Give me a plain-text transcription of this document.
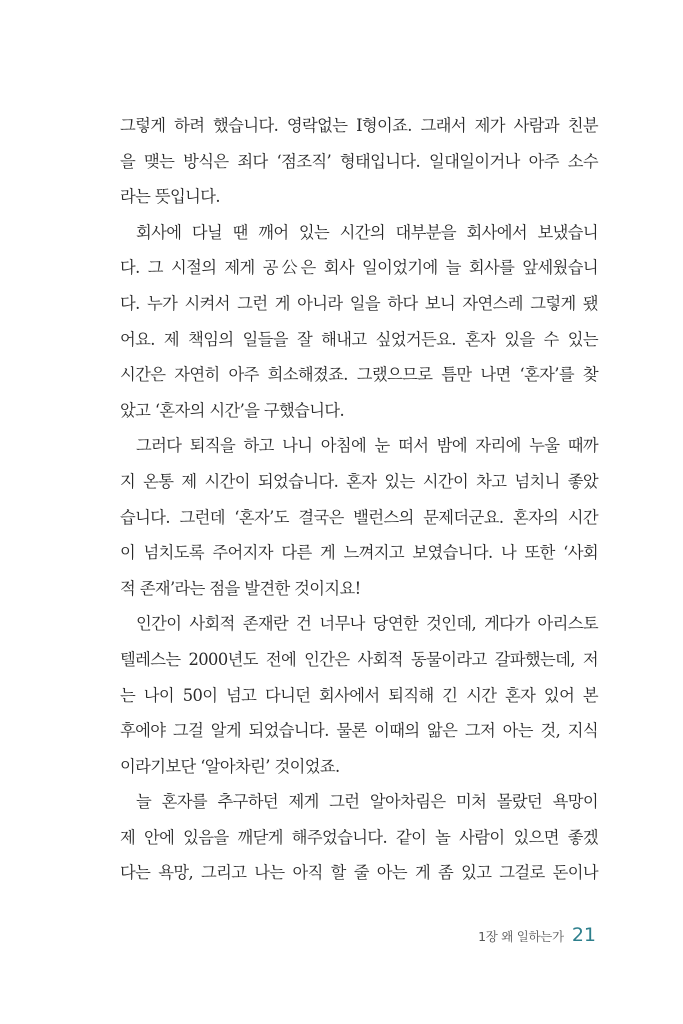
그렇게 하려 했습니다. 영락없는 I형이죠. 그래서 제가 사람과 친분
을 맺는 방식은 죄다 ‘점조직’ 형태입니다. 일대일이거나 아주 소수
라는 뜻입니다.
회사에 다닐 땐 깨어 있는 시간의 대부분을 회사에서 보냈습니
다. 그 시절의 제게 공公은 회사 일이었기에 늘 회사를 앞세웠습니
다. 누가 시켜서 그런 게 아니라 일을 하다 보니 자연스레 그렇게 됐
어요. 제 책임의 일들을 잘 해내고 싶었거든요. 혼자 있을 수 있는
시간은 자연히 아주 희소해졌죠. 그랬으므로 틈만 나면 ‘혼자’를 찾
았고 ‘혼자의 시간’을 구했습니다.
그러다 퇴직을 하고 나니 아침에 눈 떠서 밤에 자리에 누울 때까
지 온통 제 시간이 되었습니다. 혼자 있는 시간이 차고 넘치니 좋았
습니다. 그런데 ‘혼자’도 결국은 밸런스의 문제더군요. 혼자의 시간
이 넘치도록 주어지자 다른 게 느껴지고 보였습니다. 나 또한 ‘사회
적 존재’라는 점을 발견한 것이지요!
인간이 사회적 존재란 건 너무나 당연한 것인데, 게다가 아리스토
텔레스는 2000년도 전에 인간은 사회적 동물이라고 갈파했는데, 저
는 나이 50이 넘고 다니던 회사에서 퇴직해 긴 시간 혼자 있어 본
후에야 그걸 알게 되었습니다. 물론 이때의 앎은 그저 아는 것, 지식
이라기보단 ‘알아차린’ 것이었죠.
늘 혼자를 추구하던 제게 그런 알아차림은 미처 몰랐던 욕망이
제 안에 있음을 깨닫게 해주었습니다. 같이 놀 사람이 있으면 좋겠
다는 욕망, 그리고 나는 아직 할 줄 아는 게 좀 있고 그걸로 돈이나
1장 왜 일하는가 21
